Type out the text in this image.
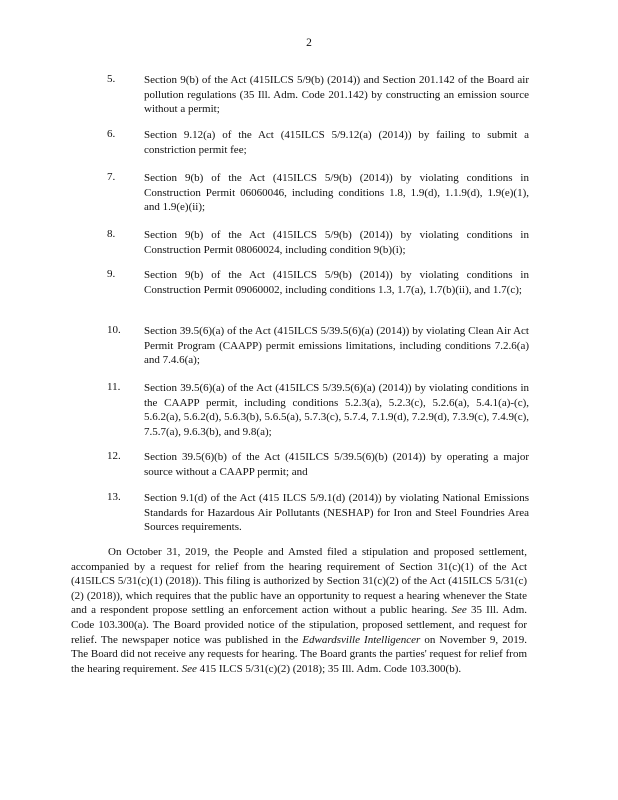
2
5.	Section 9(b) of the Act (415ILCS 5/9(b) (2014)) and Section 201.142 of the Board air pollution regulations (35 Ill. Adm. Code 201.142) by constructing an emission source without a permit;
6.	Section 9.12(a) of the Act (415ILCS 5/9.12(a) (2014)) by failing to submit a constriction permit fee;
7.	Section 9(b) of the Act (415ILCS 5/9(b) (2014)) by violating conditions in Construction Permit 06060046, including conditions 1.8, 1.9(d), 1.1.9(d), 1.9(e)(1), and 1.9(e)(ii);
8.	Section 9(b) of the Act (415ILCS 5/9(b) (2014)) by violating conditions in Construction Permit 08060024, including condition 9(b)(i);
9.	Section 9(b) of the Act (415ILCS 5/9(b) (2014)) by violating conditions in Construction Permit 09060002, including conditions 1.3, 1.7(a), 1.7(b)(ii), and 1.7(c);
10. Section 39.5(6)(a) of the Act (415ILCS 5/39.5(6)(a) (2014)) by violating Clean Air Act Permit Program (CAAPP) permit emissions limitations, including conditions 7.2.6(a) and 7.4.6(a);
11. Section 39.5(6)(a) of the Act (415ILCS 5/39.5(6)(a) (2014)) by violating conditions in the CAAPP permit, including conditions 5.2.3(a), 5.2.3(c), 5.2.6(a), 5.4.1(a)-(c), 5.6.2(a), 5.6.2(d), 5.6.3(b), 5.6.5(a), 5.7.3(c), 5.7.4, 7.1.9(d), 7.2.9(d), 7.3.9(c), 7.4.9(c), 7.5.7(a), 9.6.3(b), and 9.8(a);
12. Section 39.5(6)(b) of the Act (415ILCS 5/39.5(6)(b) (2014)) by operating a major source without a CAAPP permit; and
13. Section 9.1(d) of the Act (415 ILCS 5/9.1(d) (2014)) by violating National Emissions Standards for Hazardous Air Pollutants (NESHAP) for Iron and Steel Foundries Area Sources requirements.
On October 31, 2019, the People and Amsted filed a stipulation and proposed settlement, accompanied by a request for relief from the hearing requirement of Section 31(c)(1) of the Act (415ILCS 5/31(c)(1) (2018)). This filing is authorized by Section 31(c)(2) of the Act (415ILCS 5/31(c)(2) (2018)), which requires that the public have an opportunity to request a hearing whenever the State and a respondent propose settling an enforcement action without a public hearing. See 35 Ill. Adm. Code 103.300(a). The Board provided notice of the stipulation, proposed settlement, and request for relief. The newspaper notice was published in the Edwardsville Intelligencer on November 9, 2019. The Board did not receive any requests for hearing. The Board grants the parties' request for relief from the hearing requirement. See 415 ILCS 5/31(c)(2) (2018); 35 Ill. Adm. Code 103.300(b).
